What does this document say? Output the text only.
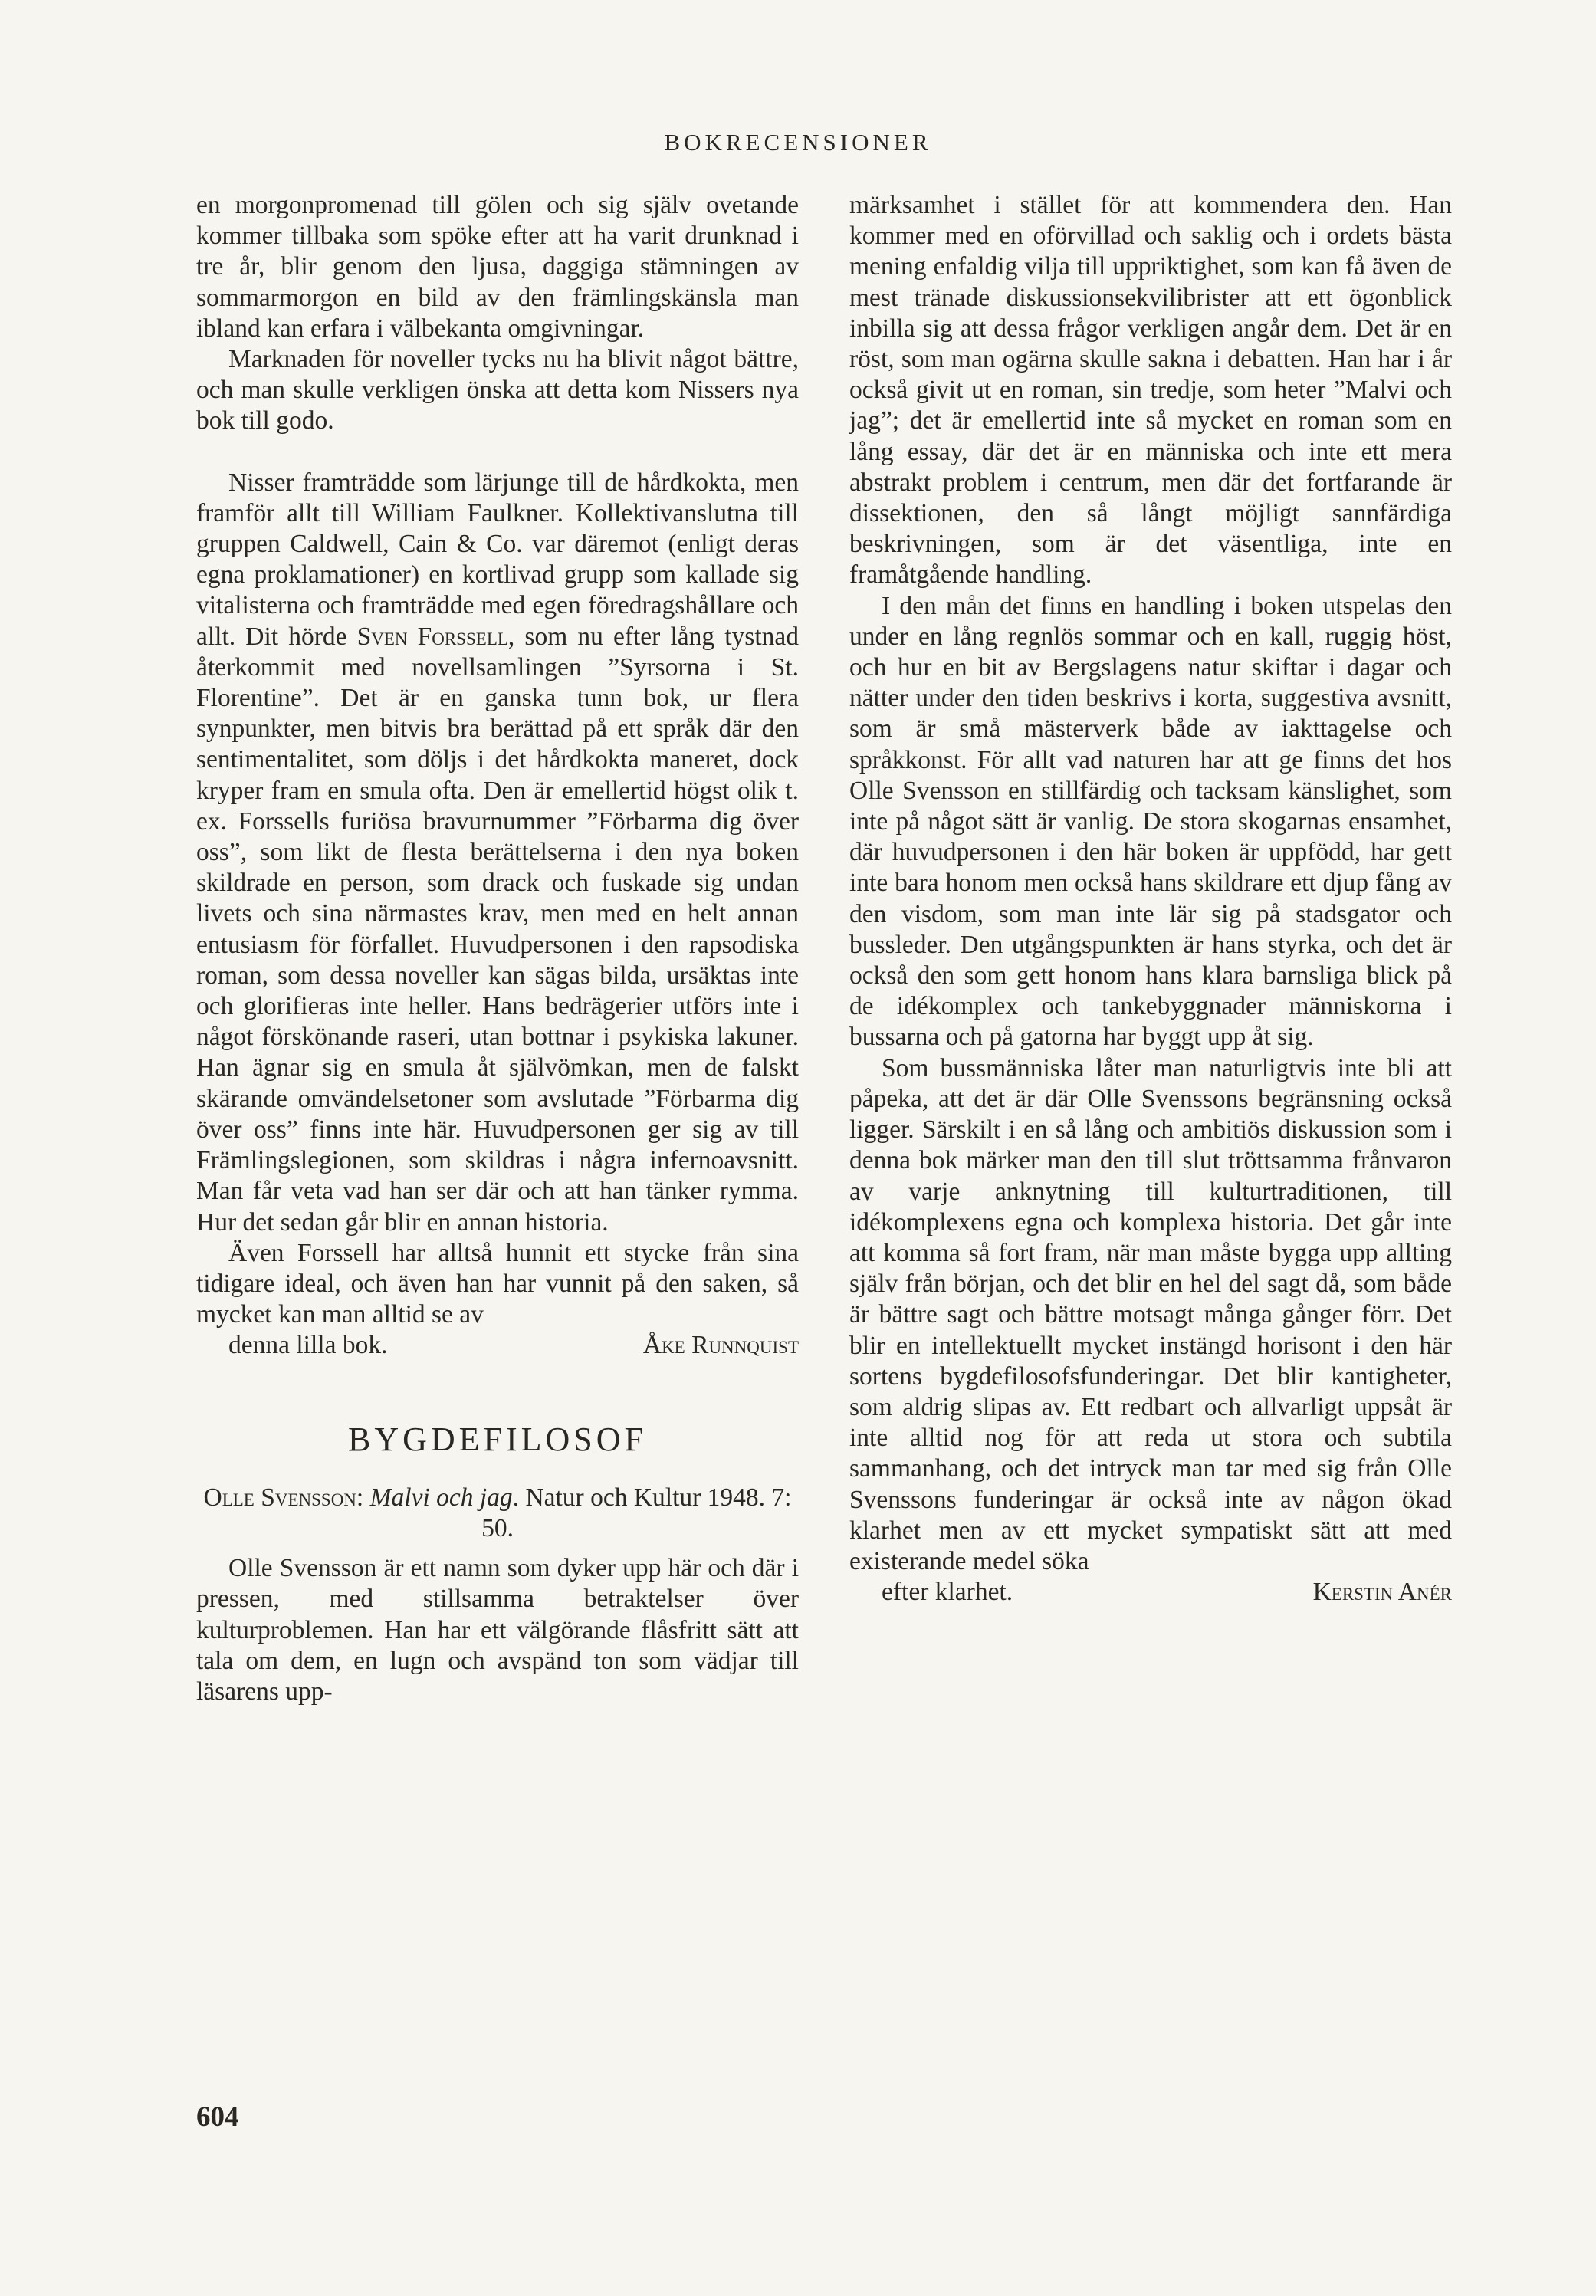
BOKRECENSIONER

en morgonpromenad till gölen och sig själv ovetande kommer tillbaka som spöke efter att ha varit drunknad i tre år, blir genom den ljusa, daggiga stämningen av sommarmorgon en bild av den främlingskänsla man ibland kan erfara i välbekanta omgivningar.

Marknaden för noveller tycks nu ha blivit något bättre, och man skulle verkligen önska att detta kom Nissers nya bok till godo.

Nisser framträdde som lärjunge till de hårdkokta, men framför allt till William Faulkner. Kollektivanslutna till gruppen Caldwell, Cain & Co. var däremot (enligt deras egna proklamationer) en kortlivad grupp som kallade sig vitalisterna och framträdde med egen föredragshållare och allt. Dit hörde Sven Forssell, som nu efter lång tystnad återkommit med novellsamlingen ”Syrsorna i St. Florentine”. Det är en ganska tunn bok, ur flera synpunkter, men bitvis bra berättad på ett språk där den sentimentalitet, som döljs i det hårdkokta maneret, dock kryper fram en smula ofta. Den är emellertid högst olik t. ex. Forssells furiösa bravurnummer ”Förbarma dig över oss”, som likt de flesta berättelserna i den nya boken skildrade en person, som drack och fuskade sig undan livets och sina närmastes krav, men med en helt annan entusiasm för förfallet. Huvudpersonen i den rapsodiska roman, som dessa noveller kan sägas bilda, ursäktas inte och glorifieras inte heller. Hans bedrägerier utförs inte i något förskönande raseri, utan bottnar i psykiska lakuner. Han ägnar sig en smula åt självömkan, men de falskt skärande omvändelsetoner som avslutade ”Förbarma dig över oss” finns inte här. Huvudpersonen ger sig av till Främlingslegionen, som skildras i några infernoavsnitt. Man får veta vad han ser där och att han tänker rymma. Hur det sedan går blir en annan historia.

Även Forssell har alltså hunnit ett stycke från sina tidigare ideal, och även han har vunnit på den saken, så mycket kan man alltid se av

denna lilla bok.	Åke Runnquist

BYGDEFILOSOF
Olle Svensson: Malvi och jag. Natur och Kultur 1948. 7: 50.

Olle Svensson är ett namn som dyker upp här och där i pressen, med stillsamma betraktelser över kulturproblemen. Han har ett välgörande flåsfritt sätt att tala om dem, en lugn och avspänd ton som vädjar till läsarens upp-

märksamhet i stället för att kommendera den. Han kommer med en oförvillad och saklig och i ordets bästa mening enfaldig vilja till uppriktighet, som kan få även de mest tränade diskussionsekvilibrister att ett ögonblick inbilla sig att dessa frågor verkligen angår dem. Det är en röst, som man ogärna skulle sakna i debatten. Han har i år också givit ut en roman, sin tredje, som heter ”Malvi och jag”; det är emellertid inte så mycket en roman som en lång essay, där det är en människa och inte ett mera abstrakt problem i centrum, men där det fortfarande är dissektionen, den så långt möjligt sannfärdiga beskrivningen, som är det väsentliga, inte en framåtgående handling.

I den mån det finns en handling i boken utspelas den under en lång regnlös sommar och en kall, ruggig höst, och hur en bit av Bergslagens natur skiftar i dagar och nätter under den tiden beskrivs i korta, suggestiva avsnitt, som är små mästerverk både av iakttagelse och språkkonst. För allt vad naturen har att ge finns det hos Olle Svensson en stillfärdig och tacksam känslighet, som inte på något sätt är vanlig. De stora skogarnas ensamhet, där huvudpersonen i den här boken är uppfödd, har gett inte bara honom men också hans skildrare ett djup fång av den visdom, som man inte lär sig på stadsgator och bussleder. Den utgångspunkten är hans styrka, och det är också den som gett honom hans klara barnsliga blick på de idékomplex och tankebyggnader människorna i bussarna och på gatorna har byggt upp åt sig.

Som bussmänniska låter man naturligtvis inte bli att påpeka, att det är där Olle Svenssons begränsning också ligger. Särskilt i en så lång och ambitiös diskussion som i denna bok märker man den till slut tröttsamma frånvaron av varje anknytning till kulturtraditionen, till idékomplexens egna och komplexa historia. Det går inte att komma så fort fram, när man måste bygga upp allting själv från början, och det blir en hel del sagt då, som både är bättre sagt och bättre motsagt många gånger förr. Det blir en intellektuellt mycket instängd horisont i den här sortens bygdefilosofsfunderingar. Det blir kantigheter, som aldrig slipas av. Ett redbart och allvarligt uppsåt är inte alltid nog för att reda ut stora och subtila sammanhang, och det intryck man tar med sig från Olle Svenssons funderingar är också inte av någon ökad klarhet men av ett mycket sympatiskt sätt att med existerande medel söka

efter klarhet.	Kerstin Anér

604
